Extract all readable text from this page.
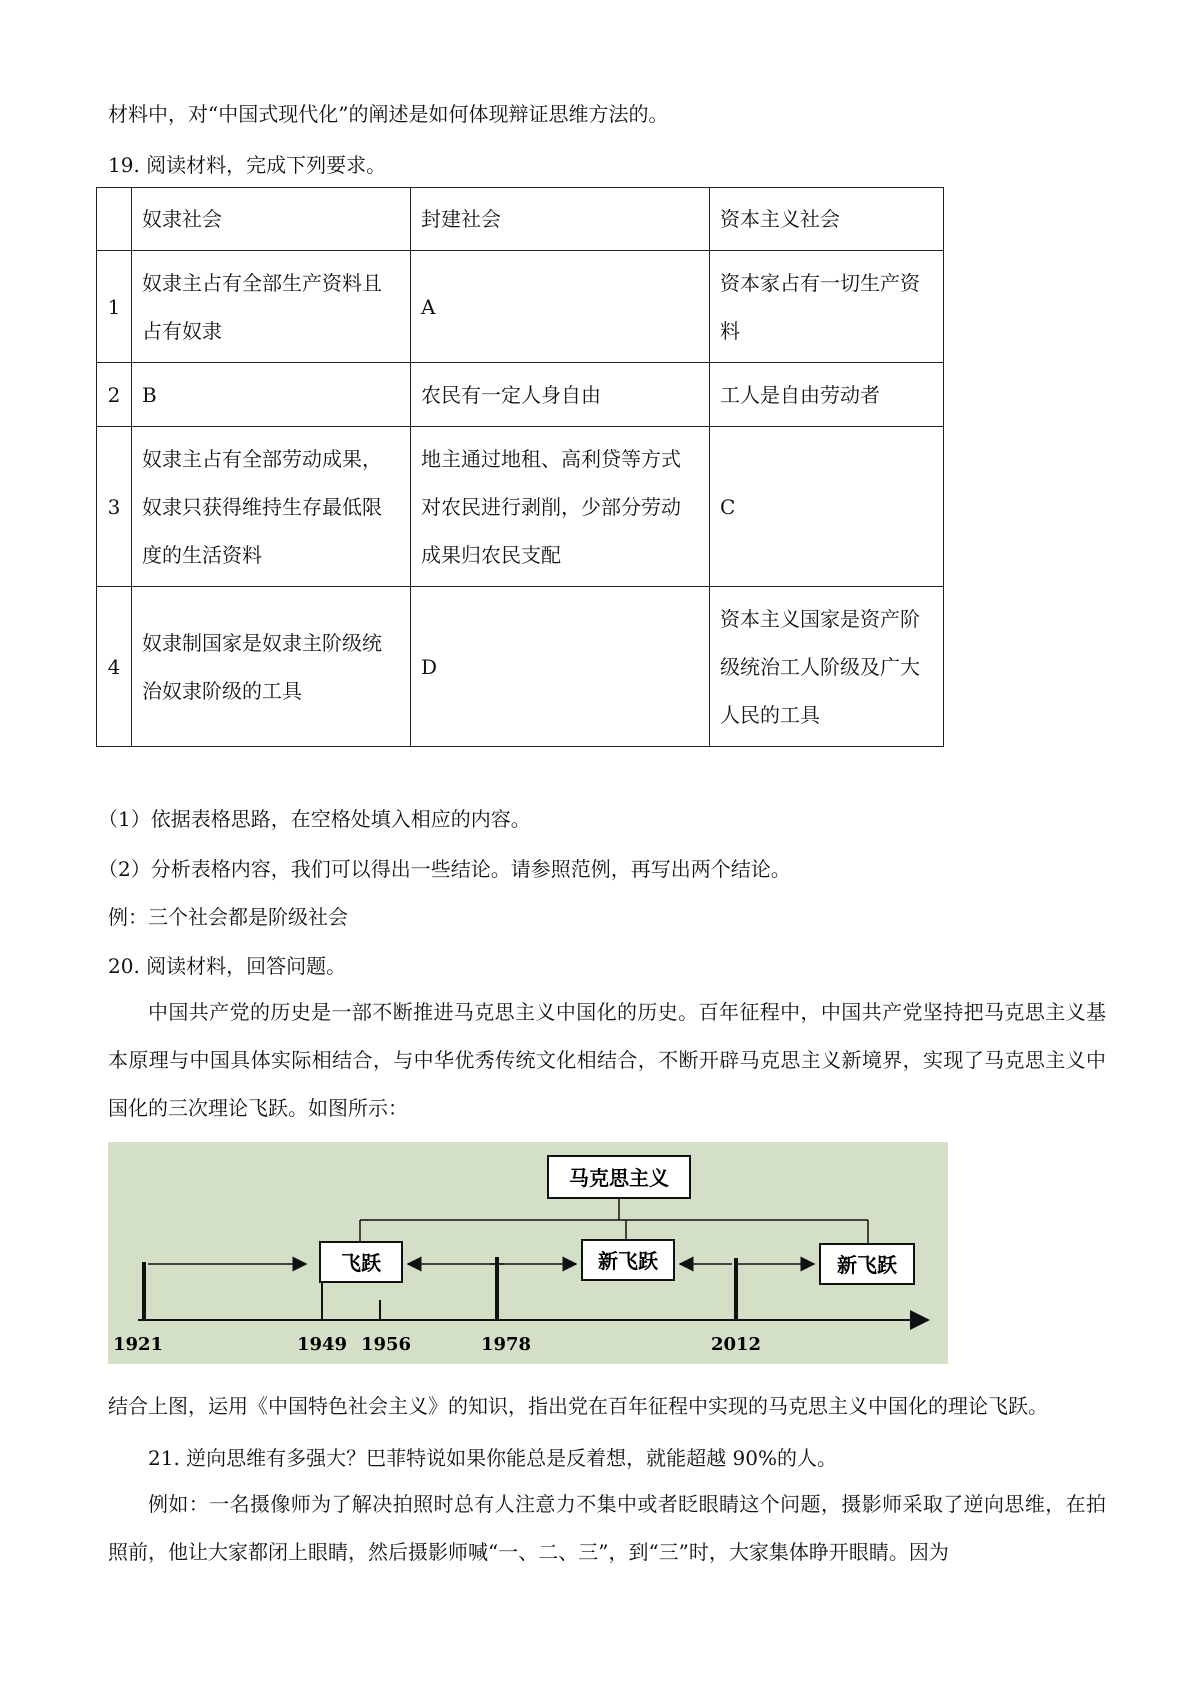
材料中，对“中国式现代化”的阐述是如何体现辩证思维方法的。
19. 阅读材料，完成下列要求。
	奴隶社会	封建社会	资本主义社会
1	奴隶主占有全部生产资料且占有奴隶	A	资本家占有一切生产资料
2	B	农民有一定人身自由	工人是自由劳动者
3	奴隶主占有全部劳动成果，奴隶只获得维持生存最低限度的生活资料	地主通过地租、高利贷等方式对农民进行剥削，少部分劳动成果归农民支配	C
4	奴隶制国家是奴隶主阶级统治奴隶阶级的工具	D	资本主义国家是资产阶级统治工人阶级及广大人民的工具
（1）依据表格思路，在空格处填入相应的内容。
（2）分析表格内容，我们可以得出一些结论。请参照范例，再写出两个结论。
例：三个社会都是阶级社会
20. 阅读材料，回答问题。
中国共产党的历史是一部不断推进马克思主义中国化的历史。百年征程中，中国共产党坚持把马克思主义基本原理与中国具体实际相结合，与中华优秀传统文化相结合，不断开辟马克思主义新境界，实现了马克思主义中国化的三次理论飞跃。如图所示：
马克思主义
飞跃	新飞跃	新飞跃
1921	1949 1956	1978	2012
结合上图，运用《中国特色社会主义》的知识，指出党在百年征程中实现的马克思主义中国化的理论飞跃。
21. 逆向思维有多强大？巴菲特说如果你能总是反着想，就能超越 90%的人。
例如：一名摄像师为了解决拍照时总有人注意力不集中或者眨眼睛这个问题，摄影师采取了逆向思维，在拍照前，他让大家都闭上眼睛，然后摄影师喊“一、二、三”，到“三”时，大家集体睁开眼睛。因为
